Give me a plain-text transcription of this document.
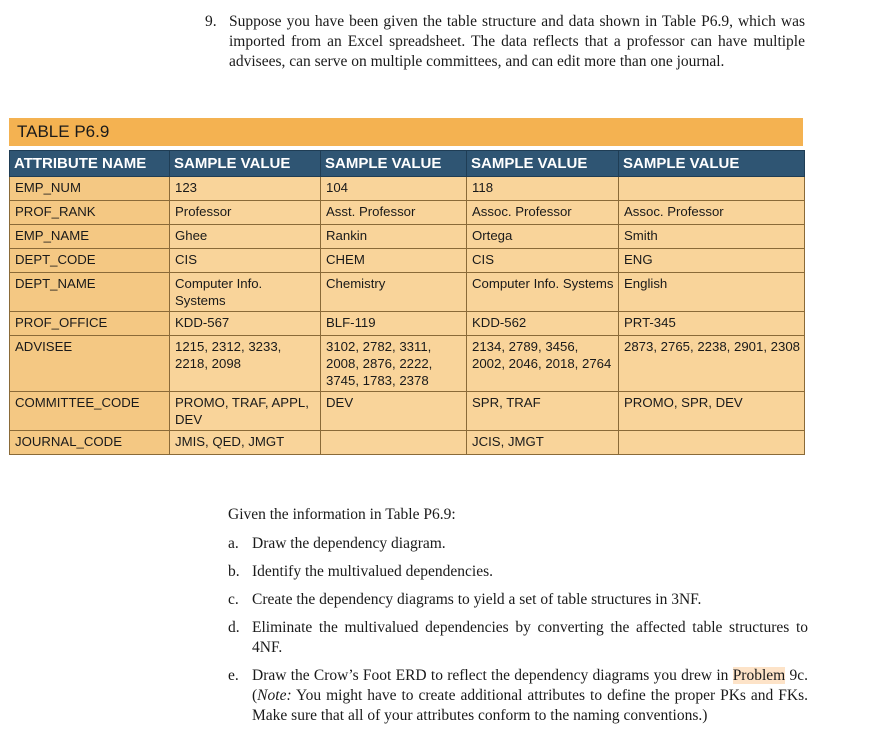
9. Suppose you have been given the table structure and data shown in Table P6.9, which was imported from an Excel spreadsheet. The data reflects that a professor can have multiple advisees, can serve on multiple committees, and can edit more than one journal.
TABLE P6.9
ATTRIBUTE NAME	SAMPLE VALUE	SAMPLE VALUE	SAMPLE VALUE	SAMPLE VALUE
EMP_NUM	123	104	118	
PROF_RANK	Professor	Asst. Professor	Assoc. Professor	Assoc. Professor
EMP_NAME	Ghee	Rankin	Ortega	Smith
DEPT_CODE	CIS	CHEM	CIS	ENG
DEPT_NAME	Computer Info. Systems	Chemistry	Computer Info. Systems	English
PROF_OFFICE	KDD-567	BLF-119	KDD-562	PRT-345
ADVISEE	1215, 2312, 3233, 2218, 2098	3102, 2782, 3311, 2008, 2876, 2222, 3745, 1783, 2378	2134, 2789, 3456, 2002, 2046, 2018, 2764	2873, 2765, 2238, 2901, 2308
COMMITTEE_CODE	PROMO, TRAF, APPL, DEV	DEV	SPR, TRAF	PROMO, SPR, DEV
JOURNAL_CODE	JMIS, QED, JMGT		JCIS, JMGT	
Given the information in Table P6.9:
a. Draw the dependency diagram.
b. Identify the multivalued dependencies.
c. Create the dependency diagrams to yield a set of table structures in 3NF.
d. Eliminate the multivalued dependencies by converting the affected table structures to 4NF.
e. Draw the Crow’s Foot ERD to reflect the dependency diagrams you drew in Problem 9c. (Note: You might have to create additional attributes to define the proper PKs and FKs. Make sure that all of your attributes conform to the naming conventions.)
